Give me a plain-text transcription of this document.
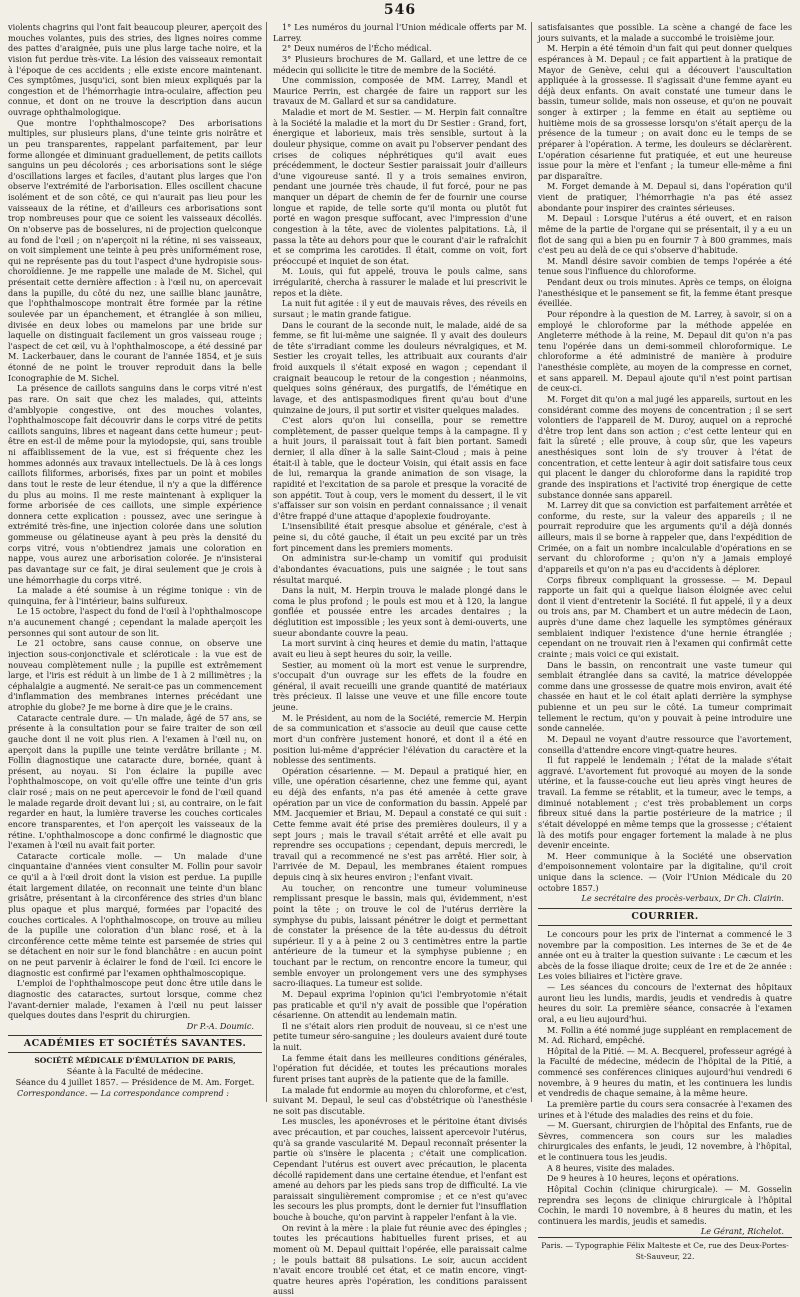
546

violents chagrins qui l'ont fait beaucoup pleurer, aperçoit des mouches volantes, puis des stries, des lignes noires comme des pattes d'araignée, puis une plus large tache noire, et la vision fut perdue très-vite. La lésion des vaisseaux remontait à l'époque de ces accidents ; elle existe encore maintenant. Ces symptômes, jusqu'ici, sont bien mieux expliqués par la congestion et de l'hémorrhagie intra-oculaire, affection peu connue, et dont on ne trouve la description dans aucun ouvrage ophthalmologique.

Que montre l'ophthalmoscope? Des arborisations multiples, sur plusieurs plans, d'une teinte gris noirâtre et un peu transparentes, rappelant parfaitement, par leur forme allongée et diminuant graduellement, de petits caillots sanguins un peu décolorés ; ces arborisations sont le siége d'oscillations larges et faciles, d'autant plus larges que l'on observe l'extrémité de l'arborisation. Elles oscillent chacune isolément et de son côté, ce qui n'aurait pas lieu pour les vaisseaux de la rétine, et d'ailleurs ces arborisations sont trop nombreuses pour que ce soient les vaisseaux décollés. On n'observe pas de bosselures, ni de projection quelconque au fond de l'œil ; on n'aperçoit ni la rétine, ni ses vaisseaux, on voit simplement une teinte à peu près uniformément rose, qui ne représente pas du tout l'aspect d'une hydropisie sous-choroïdienne. Je me rappelle une malade de M. Sichel, qui présentait cette dernière affection : à l'œil nu, on apercevait dans la pupille, du côté du nez, une saillie blanc jaunâtre, que l'ophthalmoscope montrait être formée par la rétine soulevée par un épanchement, et étranglée à son milieu, divisée en deux lobes ou mamelons par une bride sur laquelle on distinguait facilement un gros vaisseau rouge ; l'aspect de cet œil, vu à l'ophthalmoscope, a été dessiné par M. Lackerbauer, dans le courant de l'année 1854, et je suis étonné de ne point le trouver reproduit dans la belle Iconographie de M. Sichel.

La présence de caillots sanguins dans le corps vitré n'est pas rare. On sait que chez les malades, qui, atteints d'amblyopie congestive, ont des mouches volantes, l'ophthalmoscope fait découvrir dans le corps vitré de petits caillots sanguins, libres et nageant dans cette humeur ; peut-être en est-il de même pour la myiodopsie, qui, sans trouble ni affaiblissement de la vue, est si fréquente chez les hommes adonnés aux travaux intellectuels. De là à ces longs caillots filiformes, arborisés, fixes par un point et mobiles dans tout le reste de leur étendue, il n'y a que la différence du plus au moins. Il me reste maintenant à expliquer la forme arborisée de ces caillots, une simple expérience donnera cette explication : poussez, avec une seringue à extrémité très-fine, une injection colorée dans une solution gommeuse ou gélatineuse ayant à peu près la densité du corps vitré, vous n'obtiendrez jamais une coloration en nappe, vous aurez une arborisation colorée. Je n'insisterai pas davantage sur ce fait, je dirai seulement que je crois à une hémorrhagie du corps vitré.

La malade a été soumise à un régime tonique : vin de quinquina, fer à l'intérieur, bains sulfureux.

Le 15 octobre, l'aspect du fond de l'œil à l'ophthalmoscope n'a aucunement changé ; cependant la malade aperçoit les personnes qui sont autour de son lit.

Le 21 octobre, sans cause connue, on observe une injection sous-conjonctivale et scléroticale : la vue est de nouveau complètement nulle ; la pupille est extrêmement large, et l'iris est réduit à un limbe de 1 à 2 millimètres ; la céphalalgie a augmenté. Ne serait-ce pas un commencement d'inflammation des membranes internes précédant une atrophie du globe? Je me borne à dire que je le crains.

Cataracte centrale dure. — Un malade, âgé de 57 ans, se présente à la consultation pour se faire traiter de son œil gauche dont il ne voit plus rien. A l'examen à l'œil nu, on aperçoit dans la pupille une teinte verdâtre brillante ; M. Follin diagnostique une cataracte dure, bornée, quant à présent, au noyau. Si l'on éclaire la pupille avec l'ophthalmoscope, on voit qu'elle offre une teinte d'un gris clair rosé ; mais on ne peut apercevoir le fond de l'œil quand le malade regarde droit devant lui ; si, au contraire, on le fait regarder en haut, la lumière traverse les couches corticales encore transparentes, et l'on aperçoit les vaisseaux de la rétine. L'ophthalmoscope a donc confirmé le diagnostic que l'examen à l'œil nu avait fait porter.

Cataracte corticale molle. — Un malade d'une cinquantaine d'années vient consulter M. Follin pour savoir ce qu'il a à l'œil droit dont la vision est perdue. La pupille était largement dilatée, on reconnait une teinte d'un blanc grisâtre, présentant à la circonférence des stries d'un blanc plus opaque et plus marqué, formées par l'opacité des couches corticales. A l'ophthalmoscope, on trouve au milieu de la pupille une coloration d'un blanc rosé, et à la circonférence cette même teinte est parsemée de stries qui se détachent en noir sur le fond blanchâtre : en aucun point on ne peut parvenir à éclairer le fond de l'œil. Ici encore le diagnostic est confirmé par l'examen ophthalmoscopique.

L'emploi de l'ophthalmoscope peut donc être utile dans le diagnostic des cataractes, surtout lorsque, comme chez l'avant-dernier malade, l'examen à l'œil nu peut laisser quelques doutes dans l'esprit du chirurgien.

Dr P.-A. Doumic.

ACADÉMIES ET SOCIÉTÉS SAVANTES.
SOCIÉTÉ MÉDICALE D'ÉMULATION DE PARIS,

Séante à la Faculté de médecine.

Séance du 4 juillet 1857. — Présidence de M. Am. Forget.

Correspondance. — La correspondance comprend :

1° Les numéros du journal l'Union médicale offerts par M. Larrey.

2° Deux numéros de l'Écho médical.

3° Plusieurs brochures de M. Gallard, et une lettre de ce médecin qui sollicite le titre de membre de la Société.

Une commission, composée de MM. Larrey, Mandl et Maurice Perrin, est chargée de faire un rapport sur les travaux de M. Gallard et sur sa candidature.

Maladie et mort de M. Sestier. — M. Herpin fait connaître à la Société la maladie et la mort du Dr Sestier : Grand, fort, énergique et laborieux, mais très sensible, surtout à la douleur physique, comme on avait pu l'observer pendant des crises de coliques néphrétiques qu'il avait eues précédemment, le docteur Sestier paraissait jouir d'ailleurs d'une vigoureuse santé. Il y a trois semaines environ, pendant une journée très chaude, il fut forcé, pour ne pas manquer un départ de chemin de fer de fournir une course longue et rapide, de telle sorte qu'il monta ou plutôt fut porté en wagon presque suffocant, avec l'impression d'une congestion à la tête, avec de violentes palpitations. Là, il passa la tête au dehors pour que le courant d'air le rafraîchit et se comprima les carotides. Il était, comme on voit, fort préoccupé et inquiet de son état.

M. Louis, qui fut appelé, trouva le pouls calme, sans irrégularité, chercha à rassurer le malade et lui prescrivit le repos et la diète.

La nuit fut agitée : il y eut de mauvais rêves, des réveils en sursaut ; le matin grande fatigue.

Dans le courant de la seconde nuit, le malade, aidé de sa femme, se fit lui-même une saignée. Il y avait des douleurs de tête s'irradiant comme les douleurs névralgiques, et M. Sestier les croyait telles, les attribuait aux courants d'air froid auxquels il s'était exposé en wagon ; cependant il craignait beaucoup le retour de la congestion ; néanmoins, quelques soins généraux, des purgatifs, de l'émétique en lavage, et des antispasmodiques firent qu'au bout d'une quinzaine de jours, il put sortir et visiter quelques malades.

C'est alors qu'on lui conseilla, pour se remettre complètement, de passer quelque temps à la campagne. Il y a huit jours, il paraissait tout à fait bien portant. Samedi dernier, il alla dîner à la salle Saint-Cloud ; mais à peine était-il à table, que le docteur Voisin, qui était assis en face de lui, remarqua la grande animation de son visage, la rapidité et l'excitation de sa parole et presque la voracité de son appétit. Tout à coup, vers le moment du dessert, il le vit s'affaisser sur son voisin en perdant connaissance ; il venait d'être frappé d'une attaque d'apoplexie foudroyante.

L'insensibilité était presque absolue et générale, c'est à peine si, du côté gauche, il était un peu excité par un très fort pincement dans les premiers moments.

On administra sur-le-champ un vomitif qui produisit d'abondantes évacuations, puis une saignée ; le tout sans résultat marqué.

Dans la nuit, M. Herpin trouva le malade plongé dans le coma le plus profond ; le pouls est mou et à 120, la langue gonflée et poussée entre les arcades dentaires ; la déglutition est impossible ; les yeux sont à demi-ouverts, une sueur abondante couvre la peau.

La mort survint à cinq heures et demie du matin, l'attaque avait eu lieu à sept heures du soir, la veille.

Sestier, au moment où la mort est venue le surprendre, s'occupait d'un ouvrage sur les effets de la foudre en général, il avait recueilli une grande quantité de matériaux très précieux. Il laisse une veuve et une fille encore toute jeune.

M. le Président, au nom de la Société, remercie M. Herpin de sa communication et s'associe au deuil que cause cette mort d'un confrère justement honoré, et dont il a été en position lui-même d'apprécier l'élévation du caractère et la noblesse des sentiments.

Opération césarienne. — M. Depaul a pratiqué hier, en ville, une opération césarienne, chez une femme qui, ayant eu déjà des enfants, n'a pas été amenée à cette grave opération par un vice de conformation du bassin. Appelé par MM. Jacquemier et Briau, M. Depaul a constaté ce qui suit : Cette femme avait été prise des premières douleurs, il y a sept jours ; mais le travail s'était arrêté et elle avait pu reprendre ses occupations ; cependant, depuis mercredi, le travail qui a recommencé ne s'est pas arrêté. Hier soir, à l'arrivée de M. Depaul, les membranes étaient rompues depuis cinq à six heures environ ; l'enfant vivait.

Au toucher, on rencontre une tumeur volumineuse remplissant presque le bassin, mais qui, évidemment, n'est point la tête ; on trouve le col de l'utérus derrière la symphyse du pubis, laissant pénétrer le doigt et permettant de constater la présence de la tête au-dessus du détroit supérieur. Il y a à peine 2 ou 3 centimètres entre la partie antérieure de la tumeur et la symphyse pubienne ; en touchant par le rectum, on rencontre encore la tumeur, qui semble envoyer un prolongement vers une des symphyses sacro-iliaques. La tumeur est solide.

M. Depaul exprima l'opinion qu'ici l'embryotomie n'était pas praticable et qu'il n'y avait de possible que l'opération césarienne. On attendit au lendemain matin.

Il ne s'était alors rien produit de nouveau, si ce n'est une petite tumeur séro-sanguine ; les douleurs avaient duré toute la nuit.

La femme était dans les meilleures conditions générales, l'opération fut décidée, et toutes les précautions morales furent prises tant auprès de la patiente que de la famille.

La malade fut endormie au moyen du chloroforme, et c'est, suivant M. Depaul, le seul cas d'obstétrique où l'anesthésie ne soit pas discutable.

Les muscles, les aponévroses et le péritoine étant divisés avec précaution, et par couches, laissent apercevoir l'utérus, qu'à sa grande vascularité M. Depaul reconnaît présenter la partie où s'insère le placenta ; c'était une complication. Cependant l'utérus est ouvert avec précaution, le placenta décollé rapidement dans une certaine étendue, et l'enfant est amené au dehors par les pieds sans trop de difficulté. La vie paraissait singulièrement compromise ; et ce n'est qu'avec les secours les plus prompts, dont le dernier fut l'insufflation bouche à bouche, qu'on parvint à rappeler l'enfant à la vie.

On revint à la mère : la plaie fut réunie avec des épingles ; toutes les précautions habituelles furent prises, et au moment où M. Depaul quittait l'opérée, elle paraissait calme ; le pouls battait 88 pulsations. Le soir, aucun accident n'avait encore troublé cet état, et ce matin encore, vingt-quatre heures après l'opération, les conditions paraissent aussi

satisfaisantes que possible. La scène a changé de face les jours suivants, et la malade a succombé le troisième jour.

M. Herpin a été témoin d'un fait qui peut donner quelques espérances à M. Depaul ; ce fait appartient à la pratique de Mayor de Genève, celui qui a découvert l'auscultation appliquée à la grossesse. Il s'agissait d'une femme ayant eu déjà deux enfants. On avait constaté une tumeur dans le bassin, tumeur solide, mais non osseuse, et qu'on ne pouvait songer à extirper ; la femme en était au septième ou huitième mois de sa grossesse lorsqu'on s'était aperçu de la présence de la tumeur ; on avait donc eu le temps de se préparer à l'opération. A terme, les douleurs se déclarèrent. L'opération césarienne fut pratiquée, et eut une heureuse issue pour la mère et l'enfant ; la tumeur elle-même a fini par disparaître.

M. Forget demande à M. Depaul si, dans l'opération qu'il vient de pratiquer, l'hémorrhagie n'a pas été assez abondante pour inspirer des craintes sérieuses.

M. Depaul : Lorsque l'utérus a été ouvert, et en raison même de la partie de l'organe qui se présentait, il y a eu un flot de sang qui a bien pu en fournir 7 à 800 grammes, mais c'est peu au delà de ce qui s'observe d'habitude.

M. Mandl désire savoir combien de temps l'opérée a été tenue sous l'influence du chloroforme.

Pendant deux ou trois minutes. Après ce temps, on éloigna l'anesthésique et le pansement se fit, la femme étant presque éveillée.

Pour répondre à la question de M. Larrey, à savoir, si on a employé le chloroforme par la méthode appelée en Angleterre méthode à la reine, M. Depaul dit qu'on n'a pas tenu l'opérée dans un demi-sommeil chloroformique. Le chloroforme a été administré de manière à produire l'anesthésie complète, au moyen de la compresse en cornet, et sans appareil. M. Depaul ajoute qu'il n'est point partisan de ceux-ci.

M. Forget dit qu'on a mal jugé les appareils, surtout en les considérant comme des moyens de concentration ; il se sert volontiers de l'appareil de M. Duroy, auquel on a reproché d'être trop lent dans son action ; c'est cette lenteur qui en fait la sûreté ; elle prouve, à coup sûr, que les vapeurs anesthésiques sont loin de s'y trouver à l'état de concentration, et cette lenteur à agir doit satisfaire tous ceux qui placent le danger du chloroforme dans la rapidité trop grande des inspirations et l'activité trop énergique de cette substance donnée sans appareil.

M. Larrey dit que sa conviction est parfaitement arrêtée et conforme, du reste, sur la valeur des appareils ; il ne pourrait reproduire que les arguments qu'il a déjà donnés ailleurs, mais il se borne à rappeler que, dans l'expédition de Crimée, on a fait un nombre incalculable d'opérations en se servant du chloroforme ; qu'on n'y a jamais employé d'appareils et qu'on n'a pas eu d'accidents à déplorer.

Corps fibreux compliquant la grossesse. — M. Depaul rapporte un fait qui a quelque liaison éloignée avec celui dont il vient d'entretenir la Société. Il fut appelé, il y a deux ou trois ans, par M. Chambert et un autre médecin de Laon, auprès d'une dame chez laquelle les symptômes généraux semblaient indiquer l'existence d'une hernie étranglée ; cependant on ne trouvait rien à l'examen qui confirmât cette crainte ; mais voici ce qui existait.

Dans le bassin, on rencontrait une vaste tumeur qui semblait étranglée dans sa cavité, la matrice développée comme dans une grossesse de quatre mois environ, avait été chassée en haut et le col était aplati derrière la symphyse pubienne et un peu sur le côté. La tumeur comprimait tellement le rectum, qu'on y pouvait à peine introduire une sonde cannelée.

M. Depaul ne voyant d'autre ressource que l'avortement, conseilla d'attendre encore vingt-quatre heures.

Il fut rappelé le lendemain ; l'état de la malade s'était aggravé. L'avortement fut provoqué au moyen de la sonde utérine, et la fausse-couche eut lieu après vingt heures de travail. La femme se rétablit, et la tumeur, avec le temps, a diminué notablement ; c'est très probablement un corps fibreux situé dans la partie postérieure de la matrice ; il s'était développé en même temps que la grossesse ; c'étaient là des motifs pour engager fortement la malade à ne plus devenir enceinte.

M. Heer communique à la Société une observation d'empoisonnement volontaire par la digitaline, qu'il croit unique dans la science. — (Voir l'Union Médicale du 20 octobre 1857.)

Le secrétaire des procès-verbaux, Dr Ch. Clairin.

COURRIER.

Le concours pour les prix de l'internat a commencé le 3 novembre par la composition. Les internes de 3e et de 4e année ont eu à traiter la question suivante : Le cæcum et les abcès de la fosse iliaque droite; ceux de 1re et de 2e année : Les voies biliaires et l'ictère grave.

— Les séances du concours de l'externat des hôpitaux auront lieu les lundis, mardis, jeudis et vendredis à quatre heures du soir. La première séance, consacrée à l'examen oral, a eu lieu aujourd'hui.

M. Follin a été nommé juge suppléant en remplacement de M. Ad. Richard, empêché.

Hôpital de la Pitié. — M. A. Becquerel, professeur agrégé à la Faculté de médecine, médecin de l'hôpital de la Pitié, a commencé ses conférences cliniques aujourd'hui vendredi 6 novembre, à 9 heures du matin, et les continuera les lundis et vendredis de chaque semaine, à la même heure.

La première partie du cours sera consacrée à l'examen des urines et à l'étude des maladies des reins et du foie.

— M. Guersant, chirurgien de l'hôpital des Enfants, rue de Sèvres, commencera son cours sur les maladies chirurgicales des enfants, le jeudi, 12 novembre, à l'hôpital, et le continuera tous les jeudis.

A 8 heures, visite des malades.

De 9 heures à 10 heures, leçons et opérations.

Hôpital Cochin (clinique chirurgicale). — M. Gosselin reprendra ses leçons de clinique chirurgicale à l'hôpital Cochin, le mardi 10 novembre, à 8 heures du matin, et les continuera les mardis, jeudis et samedis.

Le Gérant, Richelot.

Paris. — Typographie Félix Malteste et Ce, rue des Deux-Portes-St-Sauveur, 22.
